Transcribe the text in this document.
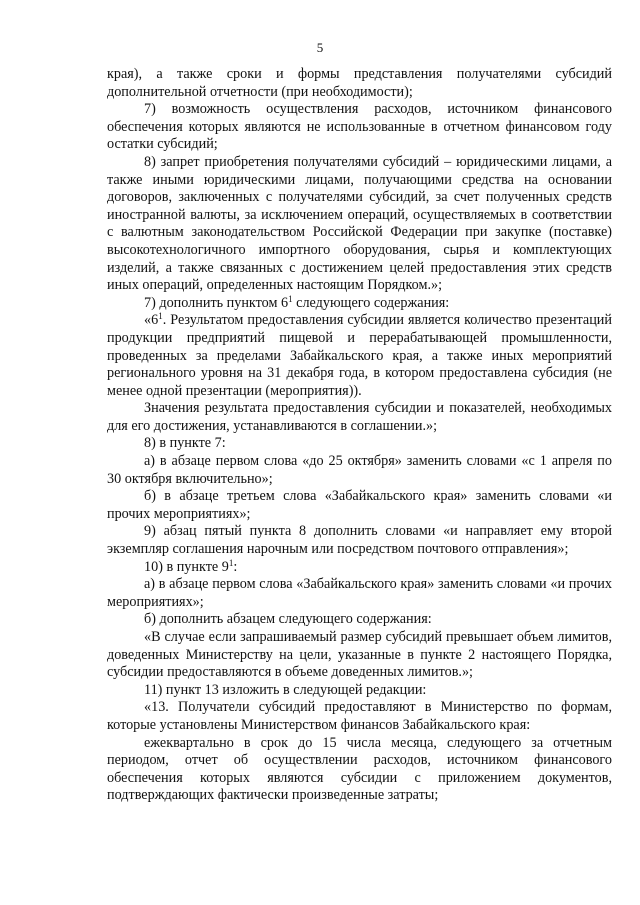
5

края), а также сроки и формы представления получателями субсидий дополнительной отчетности (при необходимости);

7) возможность осуществления расходов, источником финансового обеспечения которых являются не использованные в отчетном финансовом году остатки субсидий;

8) запрет приобретения получателями субсидий – юридическими лицами, а также иными юридическими лицами, получающими средства на основании договоров, заключенных с получателями субсидий, за счет полученных средств иностранной валюты, за исключением операций, осуществляемых в соответствии с валютным законодательством Российской Федерации при закупке (поставке) высокотехнологичного импортного оборудования, сырья и комплектующих изделий, а также связанных с достижением целей предоставления этих средств иных операций, определенных настоящим Порядком.»;

7) дополнить пунктом $6^1$ следующего содержания:

«$6^1$. Результатом предоставления субсидии является количество презентаций продукции предприятий пищевой и перерабатывающей промышленности, проведенных за пределами Забайкальского края, а также иных мероприятий регионального уровня на 31 декабря года, в котором предоставлена субсидия (не менее одной презентации (мероприятия)).

Значения результата предоставления субсидии и показателей, необходимых для его достижения, устанавливаются в соглашении.»;

8) в пункте 7:

а) в абзаце первом слова «до 25 октября» заменить словами «с 1 апреля по 30 октября включительно»;

б) в абзаце третьем слова «Забайкальского края» заменить словами «и прочих мероприятиях»;

9) абзац пятый пункта 8 дополнить словами «и направляет ему второй экземпляр соглашения нарочным или посредством почтового отправления»;

10) в пункте $9^1$:

а) в абзаце первом слова «Забайкальского края» заменить словами «и прочих мероприятиях»;

б) дополнить абзацем следующего содержания:

«В случае если запрашиваемый размер субсидий превышает объем лимитов, доведенных Министерству на цели, указанные в пункте 2 настоящего Порядка, субсидии предоставляются в объеме доведенных лимитов.»;

11) пункт 13 изложить в следующей редакции:

«13. Получатели субсидий предоставляют в Министерство по формам, которые установлены Министерством финансов Забайкальского края:

ежеквартально в срок до 15 числа месяца, следующего за отчетным периодом, отчет об осуществлении расходов, источником финансового обеспечения которых являются субсидии с приложением документов, подтверждающих фактически произведенные затраты;
